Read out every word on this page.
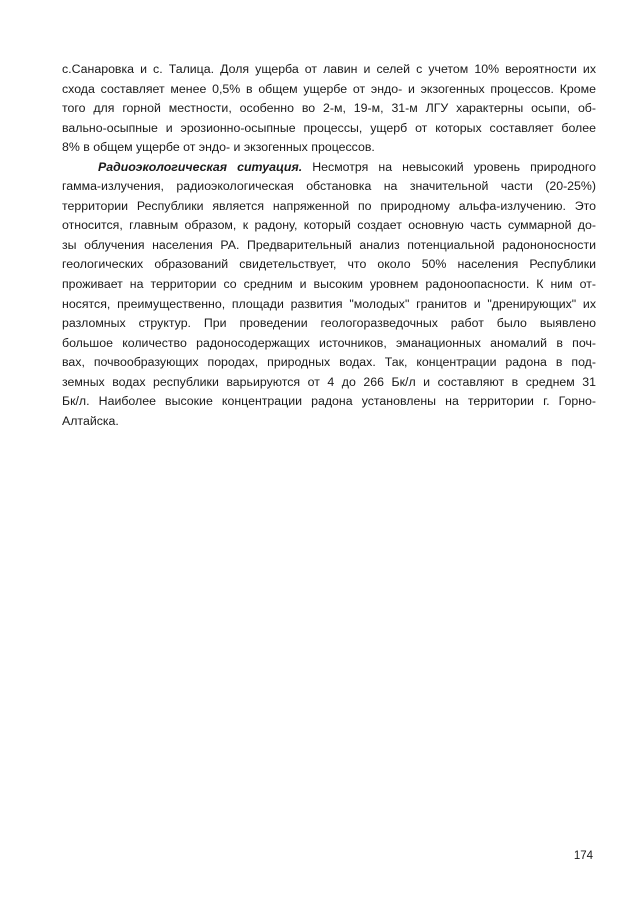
с.Санаровка и с. Талица. Доля ущерба от лавин и селей с учетом 10% вероятности их
схода составляет менее 0,5% в общем ущербе от эндо- и экзогенных процессов. Кроме
того для горной местности, особенно во 2-м, 19-м, 31-м ЛГУ характерны осыпи, об-
вально-осыпные и эрозионно-осыпные процессы, ущерб от которых составляет более
8% в общем ущербе от эндо- и экзогенных процессов.
Радиоэкологическая ситуация. Несмотря на невысокий уровень природного
гамма-излучения, радиоэкологическая обстановка на значительной части (20-25%)
территории Республики является напряженной по природному альфа-излучению. Это
относится, главным образом, к радону, который создает основную часть суммарной до-
зы облучения населения РА. Предварительный анализ потенциальной радононосности
геологических образований свидетельствует, что около 50% населения Республики
проживает на территории со средним и высоким уровнем радоноопасности. К ним от-
носятся, преимущественно, площади развития "молодых" гранитов и "дренирующих" их
разломных структур. При проведении геологоразведочных работ было выявлено
большое количество радоносодержащих источников, эманационных аномалий в поч-
вах, почвообразующих породах, природных водах. Так, концентрации радона в под-
земных водах республики варьируются от 4 до 266 Бк/л и составляют в среднем 31
Бк/л. Наиболее высокие концентрации радона установлены на территории г. Горно-
Алтайска.
174
